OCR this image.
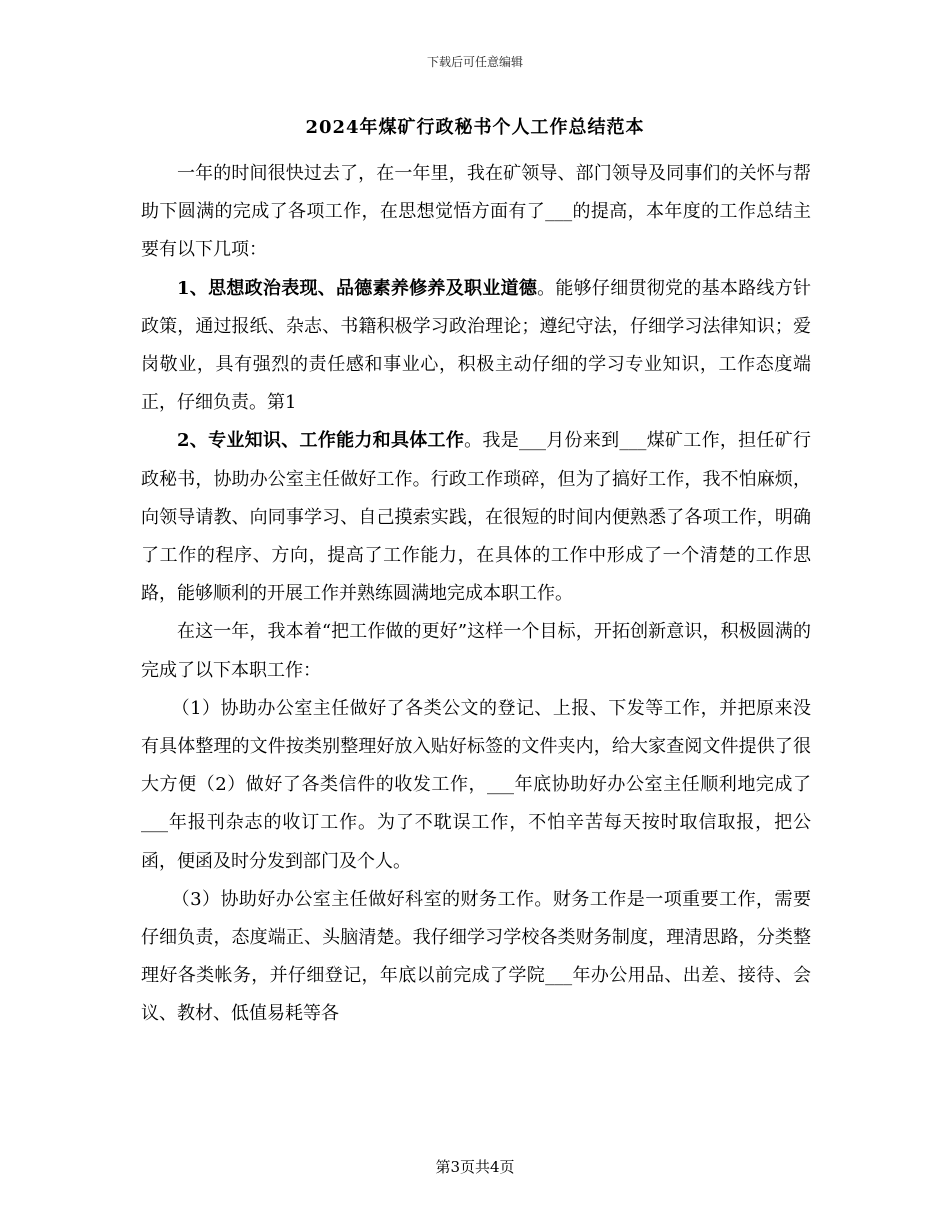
下载后可任意编辑
2024年煤矿行政秘书个人工作总结范本

一年的时间很快过去了，在一年里，我在矿领导、部门领导及同事们的关怀与帮助下圆满的完成了各项工作，在思想觉悟方面有了___的提高，本年度的工作总结主要有以下几项：

1、思想政治表现、品德素养修养及职业道德。能够仔细贯彻党的基本路线方针政策，通过报纸、杂志、书籍积极学习政治理论；遵纪守法，仔细学习法律知识；爱岗敬业，具有强烈的责任感和事业心，积极主动仔细的学习专业知识，工作态度端正，仔细负责。第1

2、专业知识、工作能力和具体工作。我是___月份来到___煤矿工作，担任矿行政秘书，协助办公室主任做好工作。行政工作琐碎，但为了搞好工作，我不怕麻烦，向领导请教、向同事学习、自己摸索实践，在很短的时间内便熟悉了各项工作，明确了工作的程序、方向，提高了工作能力，在具体的工作中形成了一个清楚的工作思路，能够顺利的开展工作并熟练圆满地完成本职工作。

在这一年，我本着“把工作做的更好”这样一个目标，开拓创新意识，积极圆满的完成了以下本职工作：

（1）协助办公室主任做好了各类公文的登记、上报、下发等工作，并把原来没有具体整理的文件按类别整理好放入贴好标签的文件夹内，给大家查阅文件提供了很大方便（2）做好了各类信件的收发工作，___年底协助好办公室主任顺利地完成了___年报刊杂志的收订工作。为了不耽误工作，不怕辛苦每天按时取信取报，把公函，便函及时分发到部门及个人。

（3）协助好办公室主任做好科室的财务工作。财务工作是一项重要工作，需要仔细负责，态度端正、头脑清楚。我仔细学习学校各类财务制度，理清思路，分类整理好各类帐务，并仔细登记，年底以前完成了学院___年办公用品、出差、接待、会议、教材、低值易耗等各

第3页共4页
